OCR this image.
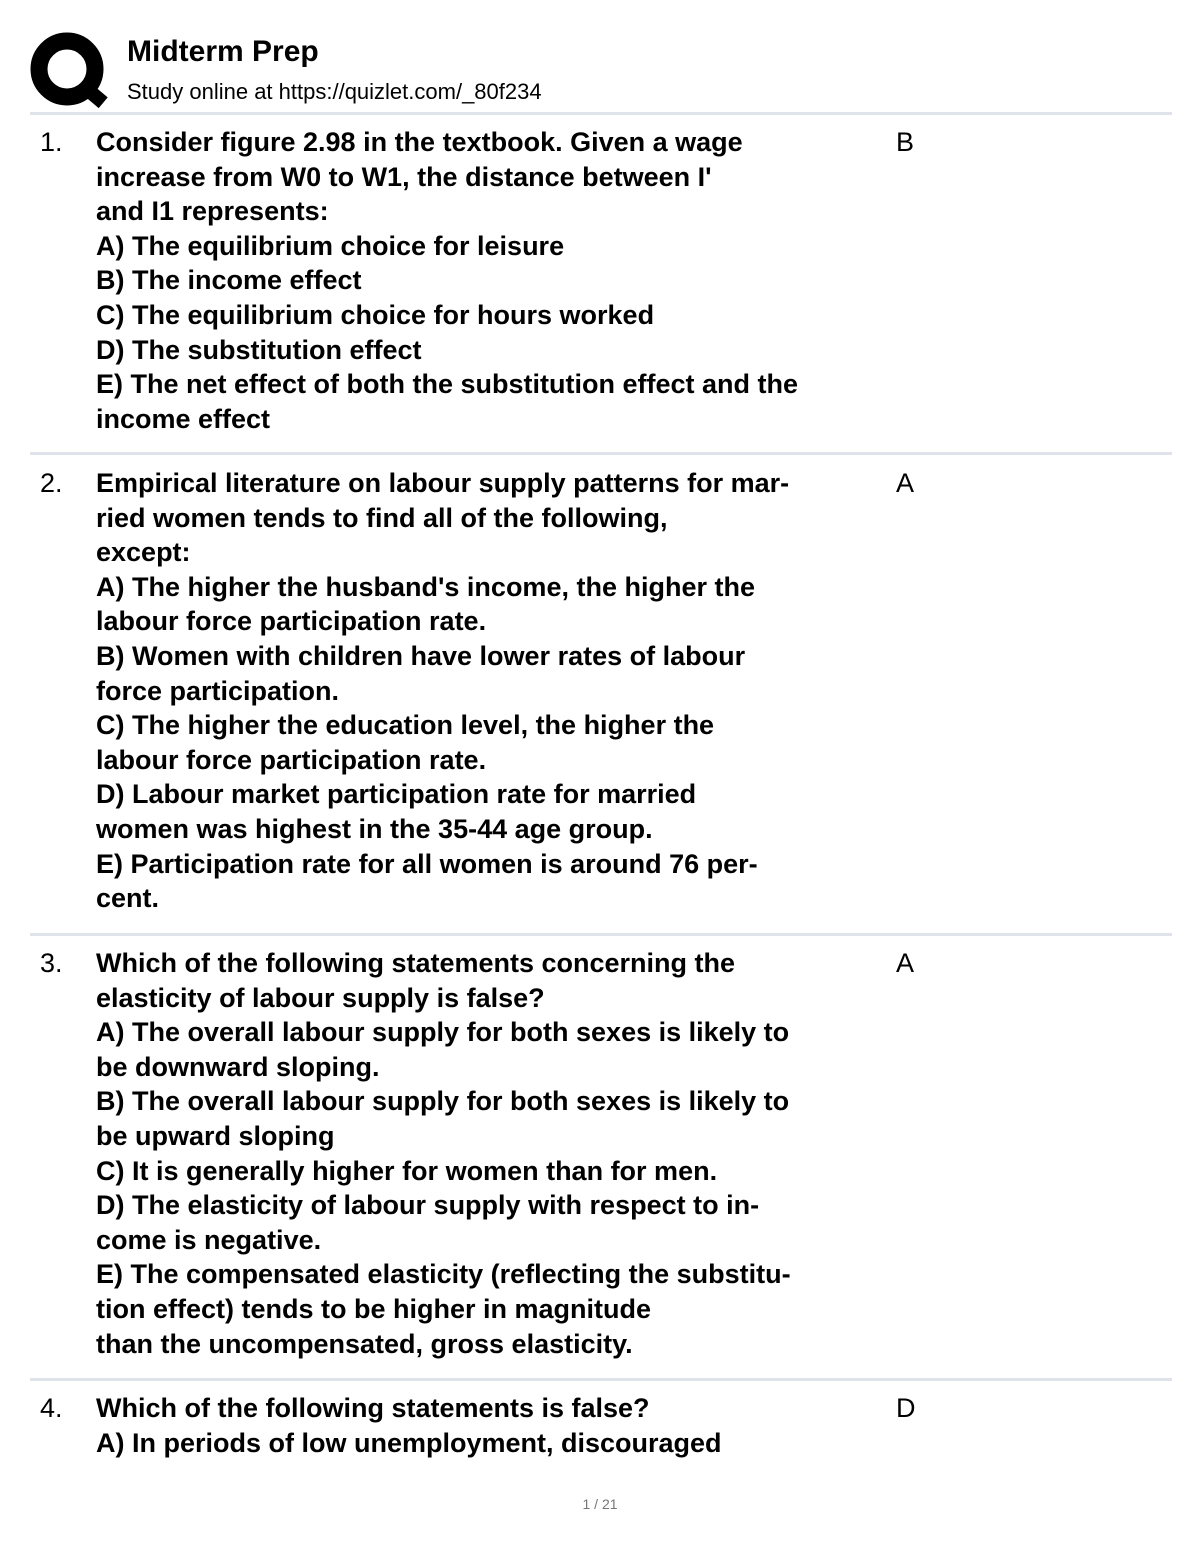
Midterm Prep
Study online at https://quizlet.com/_80f234
1. Consider figure 2.98 in the textbook. Given a wage
increase from W0 to W1, the distance between I'
and I1 represents:
A) The equilibrium choice for leisure
B) The income effect
C) The equilibrium choice for hours worked
D) The substitution effect
E) The net effect of both the substitution effect and the
income effect
B
2. Empirical literature on labour supply patterns for mar-
ried women tends to find all of the following,
except:
A) The higher the husband's income, the higher the
labour force participation rate.
B) Women with children have lower rates of labour
force participation.
C) The higher the education level, the higher the
labour force participation rate.
D) Labour market participation rate for married
women was highest in the 35-44 age group.
E) Participation rate for all women is around 76 per-
cent.
A
3. Which of the following statements concerning the
elasticity of labour supply is false?
A) The overall labour supply for both sexes is likely to
be downward sloping.
B) The overall labour supply for both sexes is likely to
be upward sloping
C) It is generally higher for women than for men.
D) The elasticity of labour supply with respect to in-
come is negative.
E) The compensated elasticity (reflecting the substitu-
tion effect) tends to be higher in magnitude
than the uncompensated, gross elasticity.
A
4. Which of the following statements is false?
A) In periods of low unemployment, discouraged
D
1 / 21
